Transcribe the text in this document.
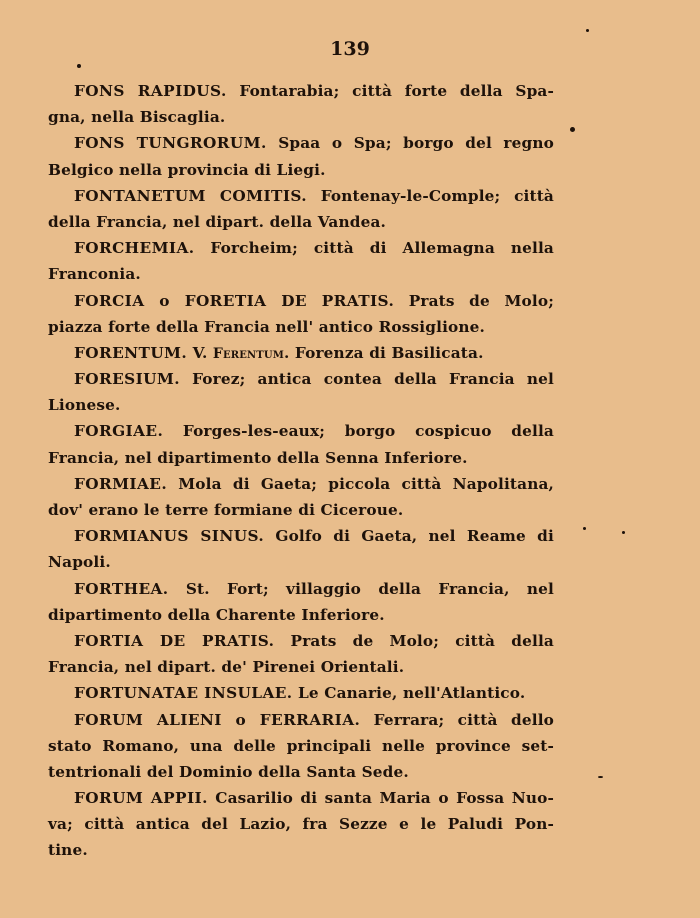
139
FONS RAPIDUS. Fontarabia; città forte della Spa-
gna, nella Biscaglia.
FONS TUNGRORUM. Spaa o Spa; borgo del regno
Belgico nella provincia di Liegi.
FONTANETUM COMITIS. Fontenay-le-Comple; città
della Francia, nel dipart. della Vandea.
FORCHEMIA. Forcheim; città di Allemagna nella
Franconia.
FORCIA o FORETIA DE PRATIS. Prats de Molo;
piazza forte della Francia nell' antico Rossiglione.
FORENTUM. V. Ferentum. Forenza di Basilicata.
FORESIUM. Forez; antica contea della Francia nel
Lionese.
FORGIAE. Forges-les-eaux; borgo cospicuo della
Francia, nel dipartimento della Senna Inferiore.
FORMIAE. Mola di Gaeta; piccola città Napolitana,
dov' erano le terre formiane di Ciceroue.
FORMIANUS SINUS. Golfo di Gaeta, nel Reame di
Napoli.
FORTHEA. St. Fort; villaggio della Francia, nel
dipartimento della Charente Inferiore.
FORTIA DE PRATIS. Prats de Molo; città della
Francia, nel dipart. de' Pirenei Orientali.
FORTUNATAE INSULAE. Le Canarie, nell'Atlantico.
FORUM ALIENI o FERRARIA. Ferrara; città dello
stato Romano, una delle principali nelle province set-
tentrionali del Dominio della Santa Sede.
FORUM APPII. Casarilio di santa Maria o Fossa Nuo-
va; città antica del Lazio, fra Sezze e le Paludi Pon-
tine.
